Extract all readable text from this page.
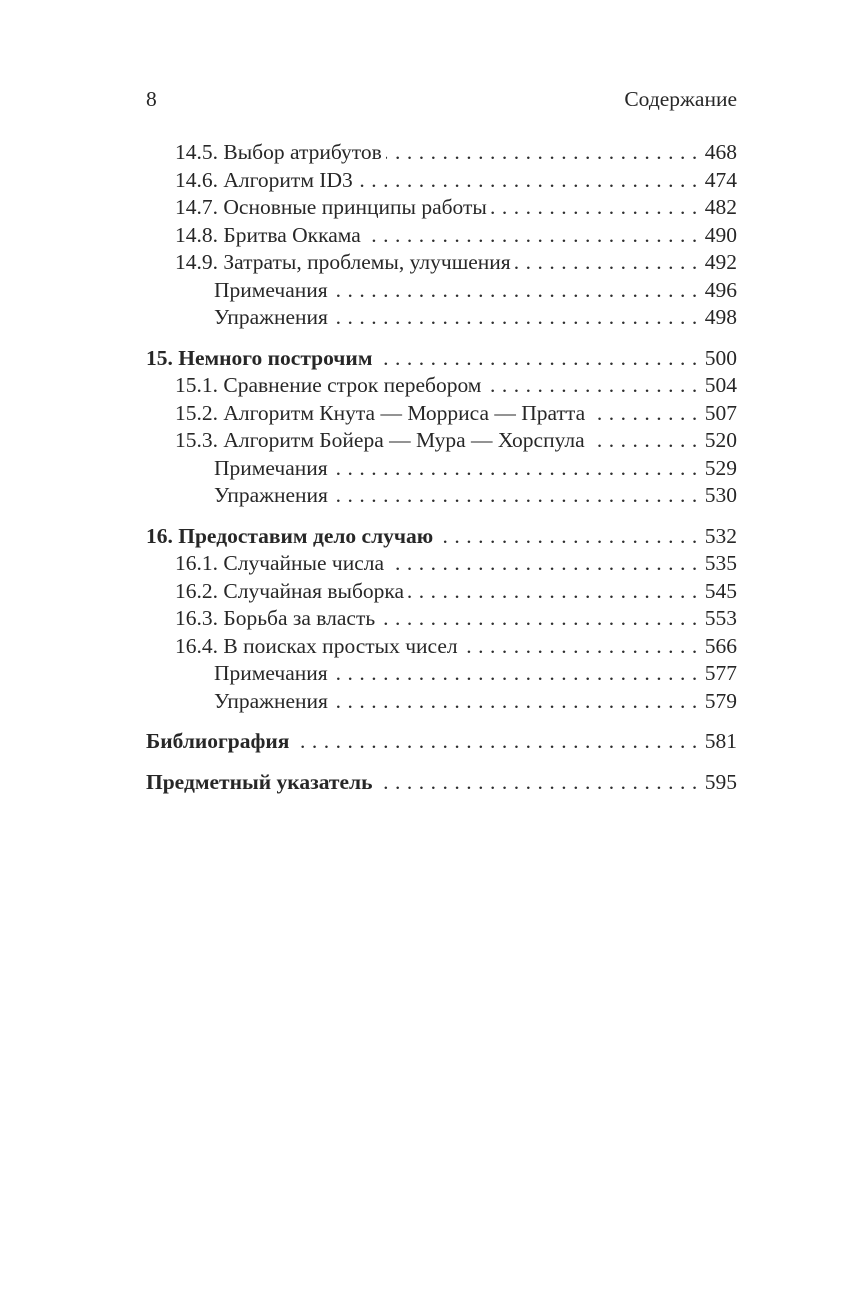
8	Содержание
14.5. Выбор атрибутов .....	468
14.6. Алгоритм ID3 .....	474
14.7. Основные принципы работы .....	482
14.8. Бритва Оккама .....	490
14.9. Затраты, проблемы, улучшения .....	492
Примечания .....	496
Упражнения .....	498
15. Немного построчим .....	500
15.1. Сравнение строк перебором .....	504
15.2. Алгоритм Кнута — Морриса — Пратта .....	507
15.3. Алгоритм Бойера — Мура — Хорспула .....	520
Примечания .....	529
Упражнения .....	530
16. Предоставим дело случаю .....	532
16.1. Случайные числа .....	535
16.2. Случайная выборка .....	545
16.3. Борьба за власть .....	553
16.4. В поисках простых чисел .....	566
Примечания .....	577
Упражнения .....	579
Библиография .....	581
Предметный указатель .....	595
